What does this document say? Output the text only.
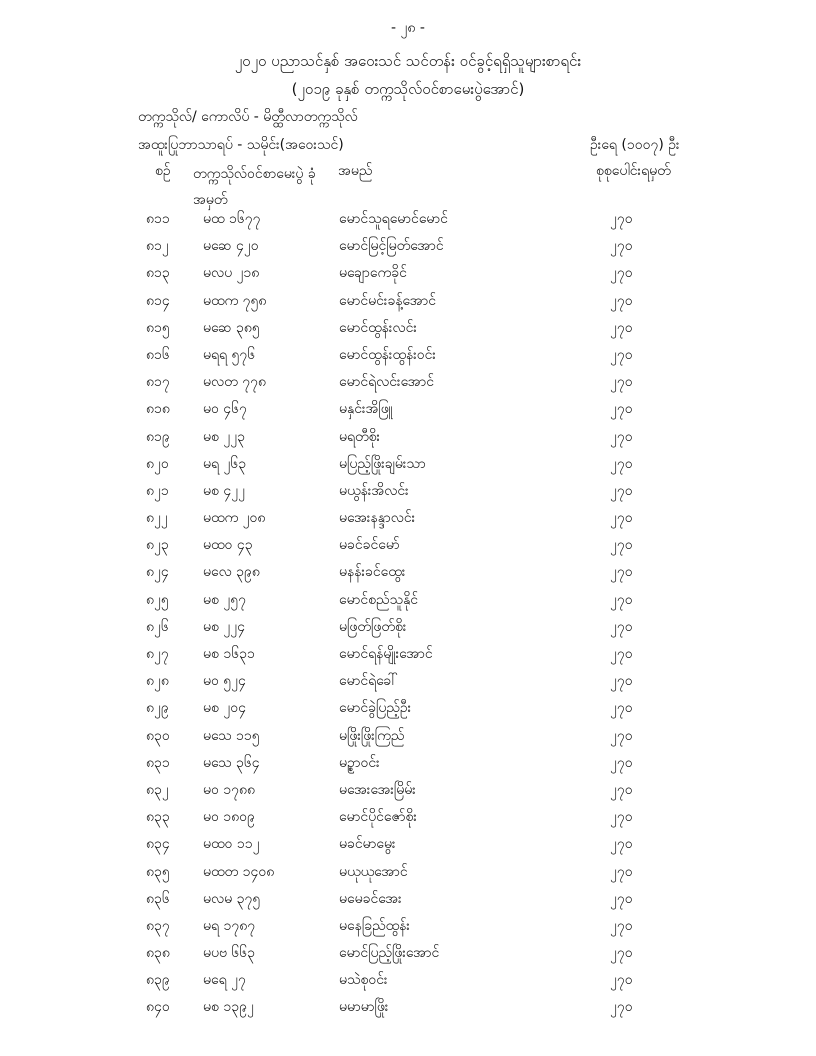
- ၂၈ -
၂၀၂၀ ပညာသင်နှစ် အဝေးသင် သင်တန်း ဝင်ခွင့်ရရှိသူများစာရင်း
(၂၀၁၉ ခုနှစ် တက္ကသိုလ်ဝင်စာမေးပွဲအောင်)
တက္ကသိုလ်/ ကောလိပ် - မိတ္ထီလာတက္ကသိုလ်
အထူးပြုဘာသာရပ် - သမိုင်း(အဝေးသင်)	ဦးရေ (၁၀၀၇) ဦး
စဉ် တက္ကသိုလ်ဝင်စာမေးပွဲ ခုံအမှတ်
အမည်	စုစုပေါင်းရမှတ်
၈၁၁ မထ ၁၆၇၇	မောင်သူရမောင်မောင်	၂၇၀
၈၁၂ မဆေ ၄၂၀	မောင်မြင့်မြတ်အောင်	၂၇၀
၈၁၃ မလပ ၂၁၈	မချောကေခိုင်	၂၇၀
၈၁၄ မထက ၇၅၈	မောင်မင်းခန့်အောင်	၂၇၀
၈၁၅ မဆေ ၃၈၅	မောင်ထွန်းလင်း	၂၇၀
၈၁၆ မရရ ၅၇၆	မောင်ထွန်းထွန်းဝင်း	၂၇၀
၈၁၇ မလတ ၇၇၈	မောင်ရဲလင်းအောင်	၂၇၀
၈၁၈ မဝ ၄၆၇	မနှင်းအိဖြူ	၂၇၀
၈၁၉ မစ ၂၂၃	မရတီစိုး	၂၇၀
၈၂၀ မရ ၂၆၃	မပြည့်ဖြိုးချမ်းသာ	၂၇၀
၈၂၁ မစ ၄၂၂	မယွန်းအိလင်း	၂၇၀
၈၂၂	မထက ၂၀၈	မအေးနန္ဒာလင်း	၂၇၀
၈၂၃ မထဝ ၄၃	မခင်ခင်မော်	၂၇၀
၈၂၄ မလေ ၃၉၈	မနန်းခင်ထွေး	၂၇၀
၈၂၅ မစ ၂၅၇	မောင်စည်သူနိုင်	၂၇၀
၈၂၆ မစ ၂၂၄	မဖြတ်ဖြတ်စိုး	၂၇၀
၈၂၇ မစ ၁၆၃၁	မောင်ရန်မျိုးအောင်	၂၇၀
၈၂၈ မဝ ၅၂၄	မောင်ရဲခေါ်	၂၇၀
၈၂၉ မစ ၂၀၄	မောင်ခွဲပြည့်ဦး	၂၇၀
၈၃၀ မသေ ၁၁၅	မဖြိုးဖြိုးကြည်	၂၇၀
၈၃၁ မသေ ၃၆၄	မဥ္စာဝင်း	၂၇၀
၈၃၂ မဝ ၁၇၈၈	မအေးအေးမြိမ်း	၂၇၀
၈၃၃ မဝ ၁၈၀၉	မောင်ပိုင်ဇော်စိုး	၂၇၀
၈၃၄ မထဝ ၁၁၂	မခင်မာမွေး	၂၇၀
၈၃၅ မထတ ၁၄၀၈	မယုယုအောင်	၂၇၀
၈၃၆ မလမ ၃၇၅	မမေခင်အေး	၂၇၀
၈၃၇ မရ ၁၇၈၇	မနေခြည်ထွန်း	၂၇၀
၈၃၈ မပဗ ၆၆၃	မောင်ပြည့်ဖြိုးအောင်	၂၇၀
၈၃၉ မရေ ၂၇	မသဲစုဝင်း	၂၇၀
၈၄၀ မစ ၁၃၉၂	မမာမာဖြိုး	၂၇၀
